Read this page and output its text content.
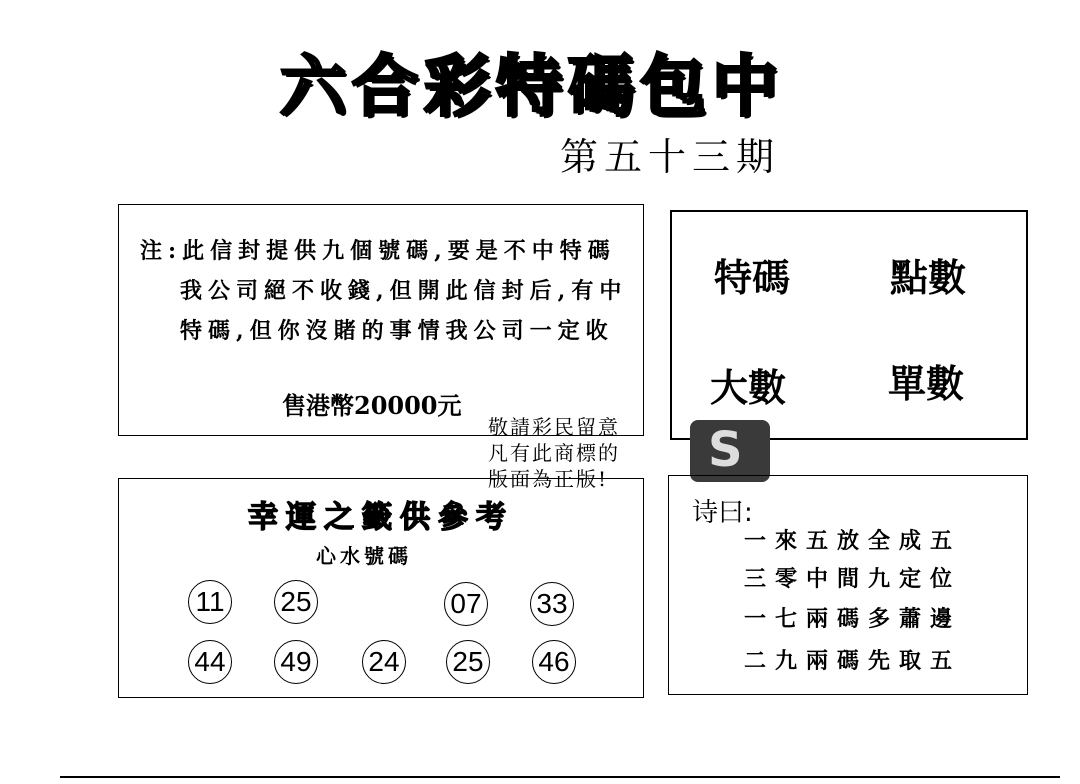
六合彩特碼包中
第五十三期
注:此信封提供九個號碼,要是不中特碼
我公司絕不收錢,但開此信封后,有中
特碼,但你沒賭的事情我公司一定收
售港幣20000元
特碼	點數
大數	單數
敬請彩民留意
凡有此商標的
版面為正版!
S
幸運之籤供參考
心水號碼
11 25	07 33
44 49 24 25 46
诗曰:
一來五放全成五
三零中間九定位
一七兩碼多蕭邊
二九兩碼先取五
